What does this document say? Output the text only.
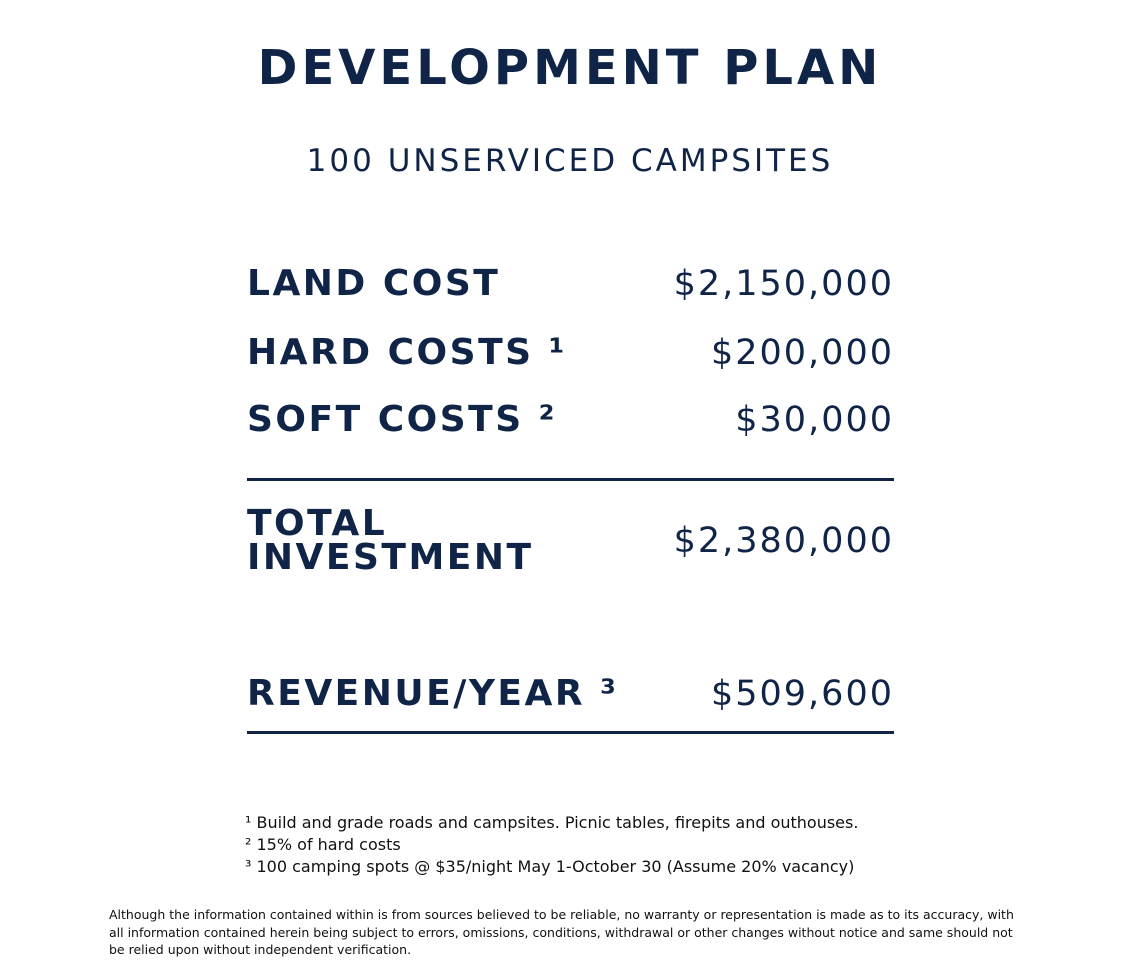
DEVELOPMENT PLAN
100 UNSERVICED CAMPSITES
LAND COST	$2,150,000
HARD COSTS ¹	$200,000
SOFT COSTS ²	$30,000
TOTAL
INVESTMENT	$2,380,000
REVENUE/YEAR ³	$509,600
¹ Build and grade roads and campsites. Picnic tables, firepits and outhouses.
² 15% of hard costs
³ 100 camping spots @ $35/night May 1-October 30 (Assume 20% vacancy)
Although the information contained within is from sources believed to be reliable, no warranty or representation is made as to its accuracy, with all information contained herein being subject to errors, omissions, conditions, withdrawal or other changes without notice and same should not be relied upon without independent verification.
